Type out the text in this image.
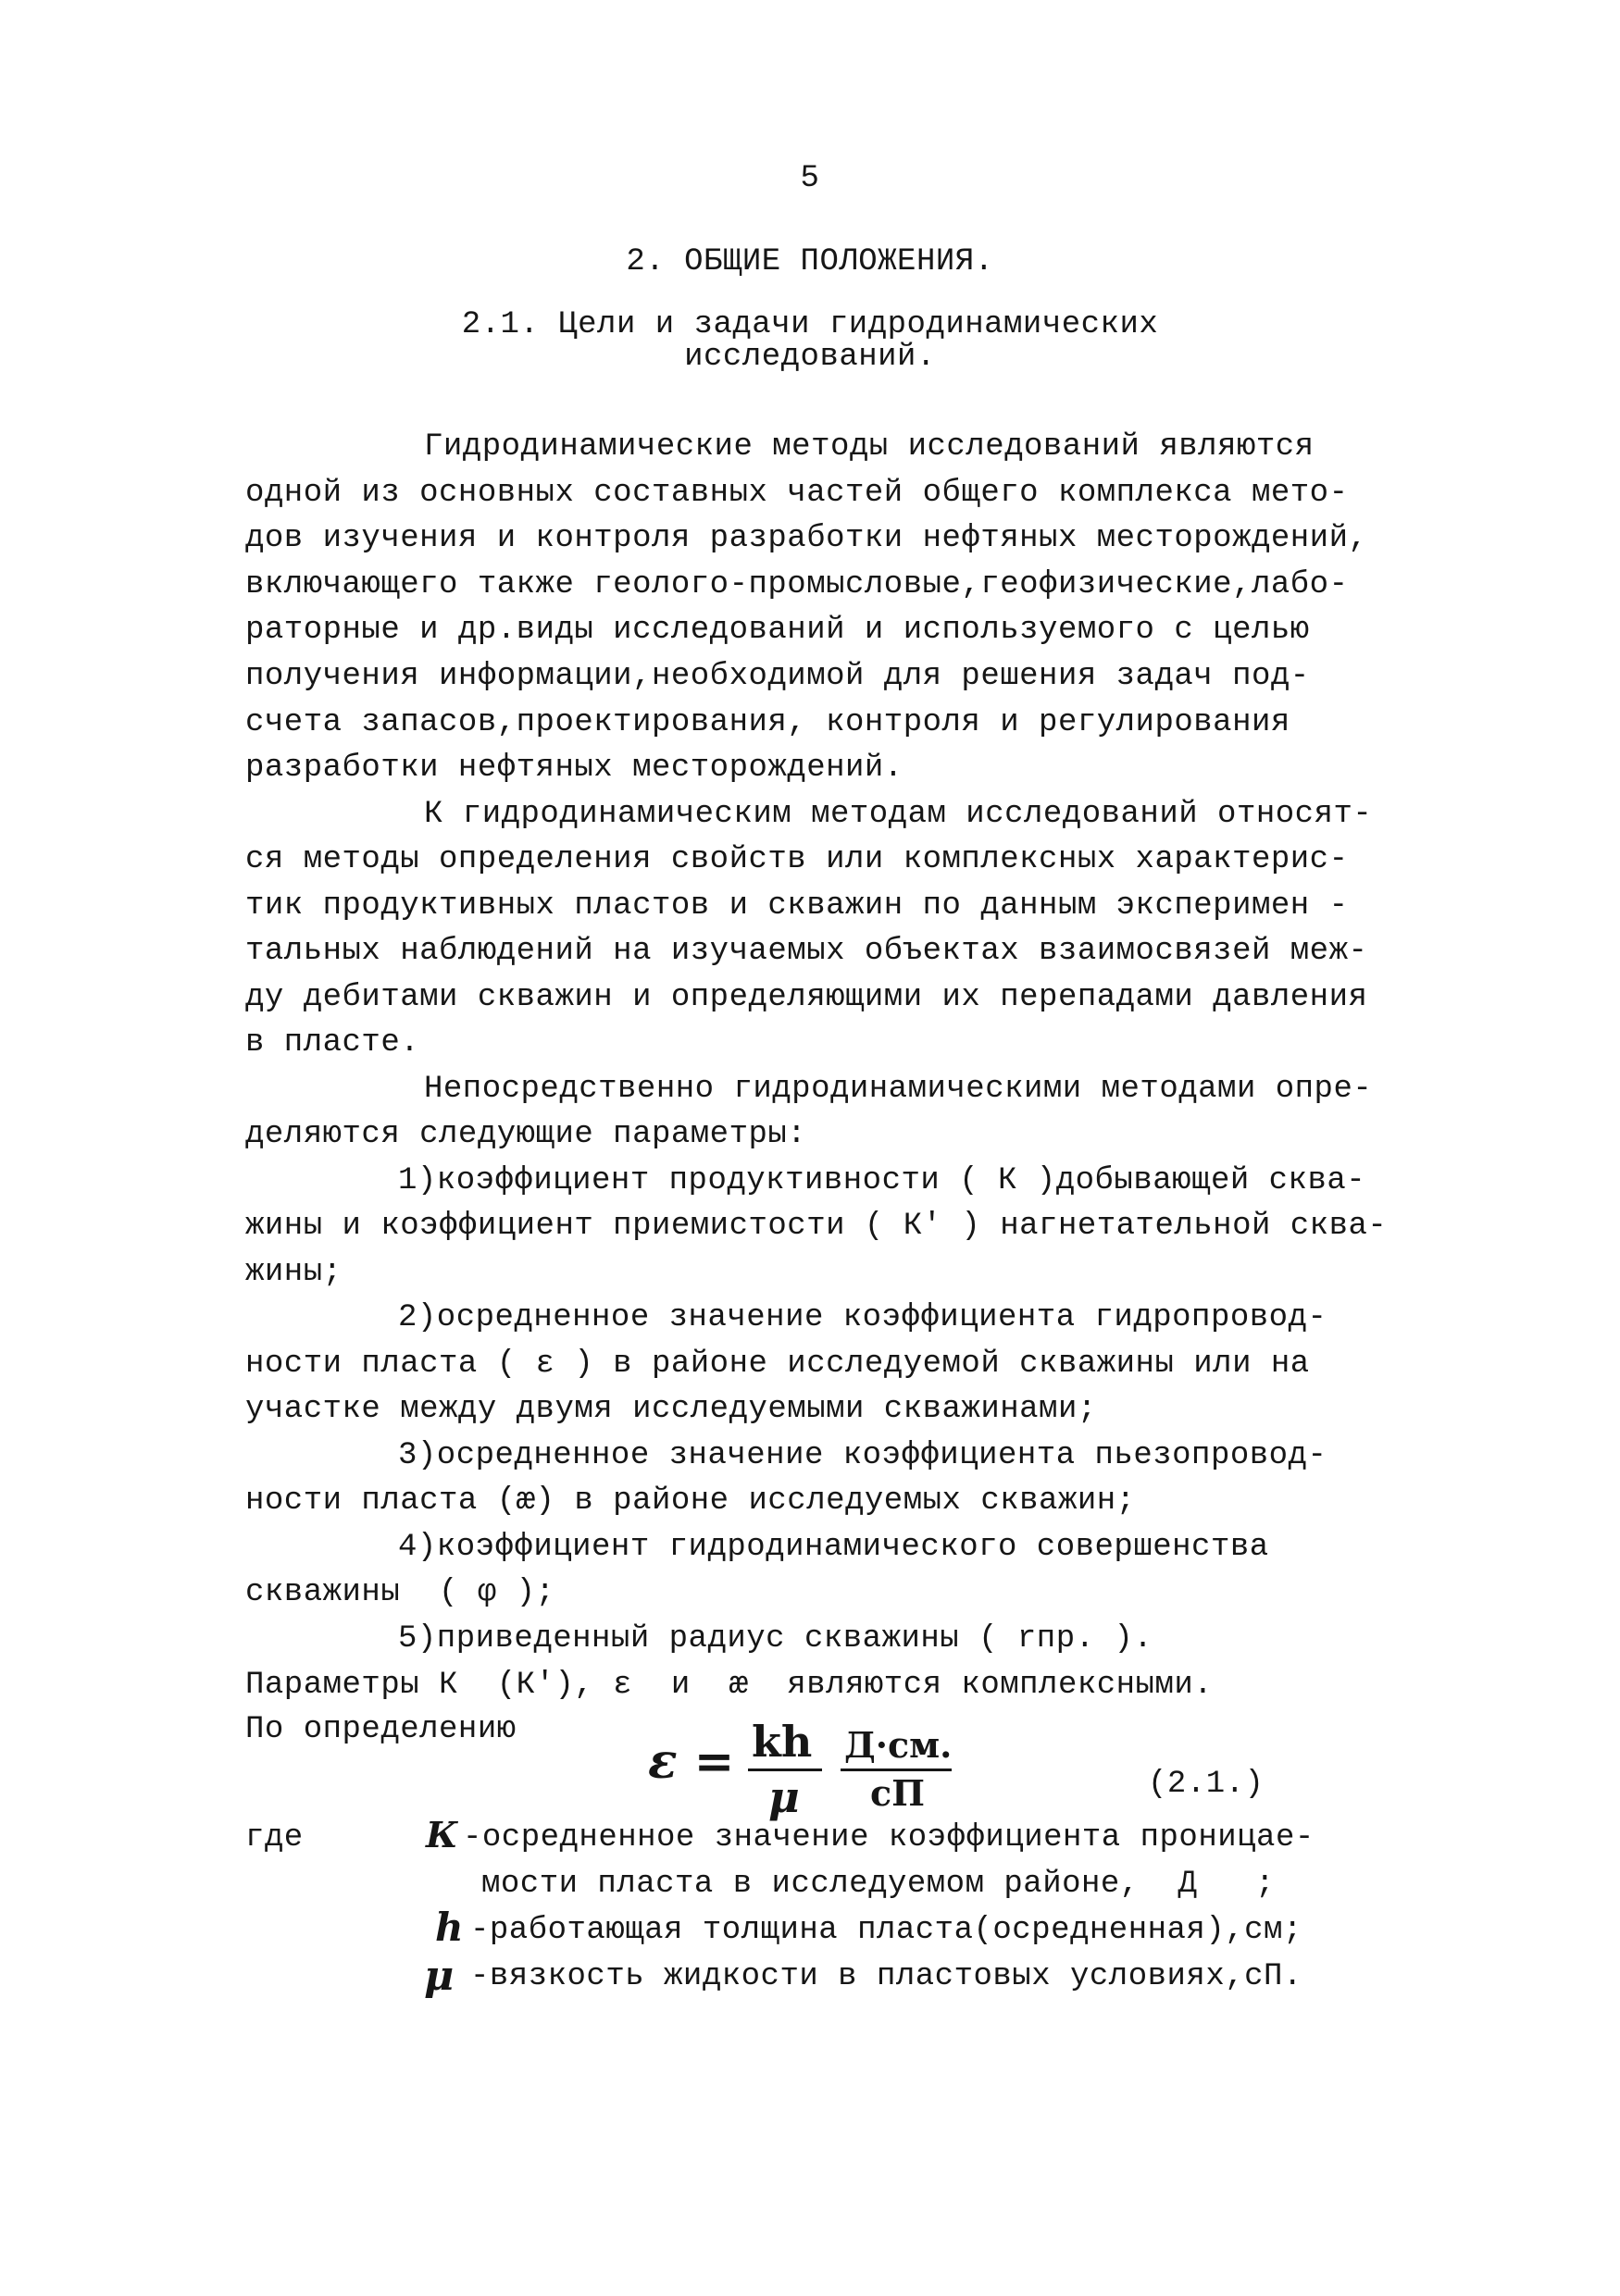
5
2. ОБЩИЕ ПОЛОЖЕНИЯ.
2.1. Цели и задачи гидродинамических
исследований.
Гидродинамические методы исследований являются
одной из основных составных частей общего комплекса мето-
дов изучения и контроля разработки нефтяных месторождений,
включающего также геолого-промысловые,геофизические,лабо-
раторные и др.виды исследований и используемого с целью
получения информации,необходимой для решения задач под-
счета запасов,проектирования, контроля и регулирования
разработки нефтяных месторождений.
К гидродинамическим методам исследований относят-
ся методы определения свойств или комплексных характерис-
тик продуктивных пластов и скважин по данным эксперимен -
тальных наблюдений на изучаемых объектах взаимосвязей меж-
ду дебитами скважин и определяющими их перепадами давления
в пласте.
Непосредственно гидродинамическими методами опре-
деляются следующие параметры:
1)коэффициент продуктивности ( К )добывающей сква-
жины и коэффициент приемистости ( К' ) нагнетательной сква-
жины;
2)осредненное значение коэффициента гидропровод-
ности пласта ( ε ) в районе исследуемой скважины или на
участке между двумя исследуемыми скважинами;
3)осредненное значение коэффициента пьезопровод-
ности пласта (æ) в районе исследуемых скважин;
4)коэффициент гидродинамического совершенства
скважины  ( φ );
5)приведенный радиус скважины ( rпр. ).
Параметры К  (К'), ε  и  æ  являются комплексными.
По определению
ε = kh
μ
Д·см.
сП	(2.1.)
где	К -осредненное значение коэффициента проницае-
мости пласта в исследуемом районе,  Д   ;
h -работающая толщина пласта(осредненная),см;
μ -вязкость жидкости в пластовых условиях,сП.
